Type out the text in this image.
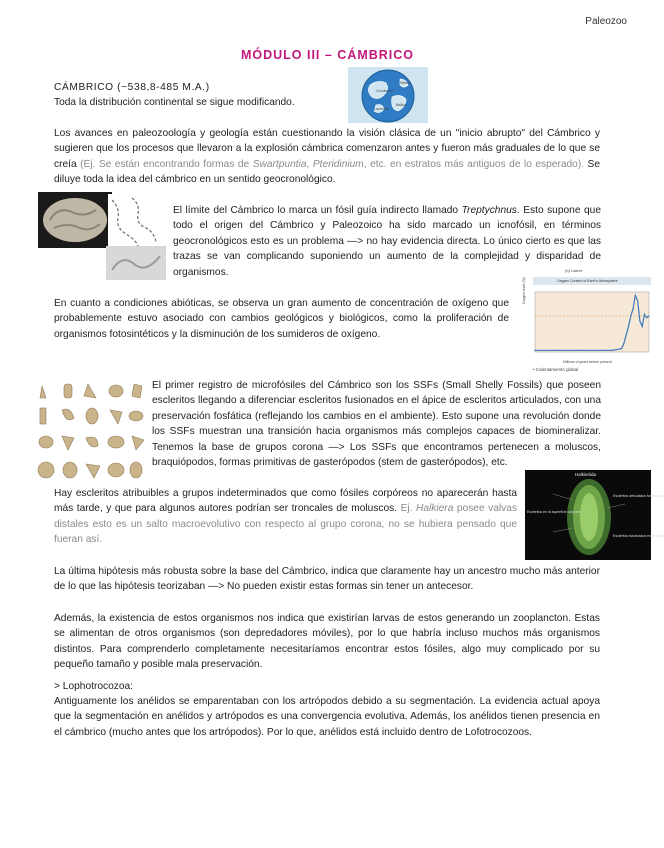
Paleozoo
MÓDULO III – CÁMBRICO
CÁMBRICO (~538,8-485 M.A.)
Toda la distribución continental se sigue modificando.
Gondwana
Baltica
Laurentia
Siberia

Los avances en paleozoología y geología están cuestionando la visión clásica de un "inicio abrupto" del Cámbrico y sugieren que los procesos que llevaron a la explosión cámbrica comenzaron antes y fueron más graduales de lo que se creía (Ej. Se están encontrando formas de Swartpuntia, Pteridinium, etc. en estratos más antiguos de lo esperado). Se diluye toda la idea del cámbrico en un sentido geocronológico.

El límite del Cámbrico lo marca un fósil guía indirecto llamado Treptychnus. Esto supone que todo el origen del Cámbrico y Paleozoico ha sido marcado un icnofósil, en términos geocronológicos esto es un problema —> no hay evidencia directa. Lo único cierto es que las trazas se van complicando suponiendo un aumento de la complejidad y disparidad de organismos.	(b) Latent
Oxygen Content of Earth's Atmosphere
Oxygen level (%)
Millions of years before present
• Calentamiento global

En cuanto a condiciones abióticas, se observa un gran aumento de concentración de oxígeno que probablemente estuvo asociado con cambios geológicos y biológicos, como la proliferación de organismos fotosintéticos y la disminución de los sumideros de oxígeno.

El primer registro de microfósiles del Cámbrico son los SSFs (Small Shelly Fossils) que poseen escleritos llegando a diferenciar escleritos fusionados en el ápice de escleritos articulados, con una preservación fosfática (reflejando los cambios en el ambiente). Esto supone una revolución donde los SSFs muestran una transición hacia organismos más complejos capaces de biomineralizar. Tenemos la base de grupos corona —> Los SSFs que encontramos pertenecen a moluscos, braquiópodos, formas primitivas de gasterópodos (stem de gasterópodos), etc.

Hay escleritos atribuibles a grupos indeterminados que como fósiles corpóreos no aparecerán hasta más tarde, y que para algunos autores podrían ser troncales de moluscos. Ej. Halkiera posee valvas distales esto es un salto macroevolutivo con respecto al grupo corona, no se hubiera pensado que fueran así.

Halkieriida
Escleritos articulados fusionados
Escleritos en la superficie corporal
Escleritos fusionados en el ápice

La última hipótesis más robusta sobre la base del Cámbrico, indica que claramente hay un ancestro mucho más anterior de lo que las hipótesis teorizaban —> No pueden existir estas formas sin tener un antecesor.

Además, la existencia de estos organismos nos indica que existirían larvas de estos generando un zooplancton. Estas se alimentan de otros organismos (son depredadores móviles), por lo que habría incluso muchos más organismos distintos. Para comprenderlo completamente necesitaríamos encontrar estos fósiles, algo muy complicado por su pequeño tamaño y posible mala preservación.

> Lophotrocozoa:

Antiguamente los anélidos se emparentaban con los artrópodos debido a su segmentación. La evidencia actual apoya que la segmentación en anélidos y artrópodos es una convergencia evolutiva. Además, los anélidos tienen presencia en el cámbrico (mucho antes que los artrópodos). Por lo que, anélidos está incluido dentro de Lofotrocozoos.
